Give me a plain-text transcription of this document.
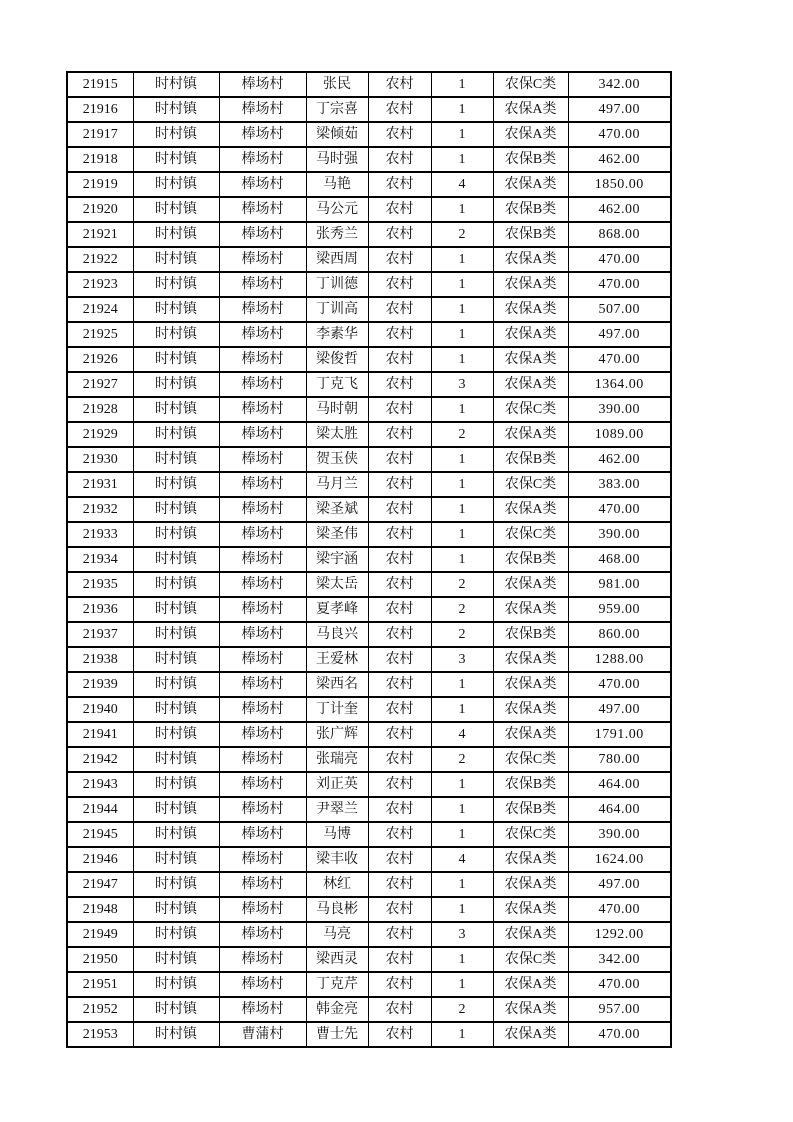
21915	时村镇	棒场村	张民	农村	1	农保C类	342.00
21916	时村镇	棒场村	丁宗喜	农村	1	农保A类	497.00
21917	时村镇	棒场村	梁倾茹	农村	1	农保A类	470.00
21918	时村镇	棒场村	马时强	农村	1	农保B类	462.00
21919	时村镇	棒场村	马艳	农村	4	农保A类	1850.00
21920	时村镇	棒场村	马公元	农村	1	农保B类	462.00
21921	时村镇	棒场村	张秀兰	农村	2	农保B类	868.00
21922	时村镇	棒场村	梁西周	农村	1	农保A类	470.00
21923	时村镇	棒场村	丁训德	农村	1	农保A类	470.00
21924	时村镇	棒场村	丁训高	农村	1	农保A类	507.00
21925	时村镇	棒场村	李素华	农村	1	农保A类	497.00
21926	时村镇	棒场村	梁俊哲	农村	1	农保A类	470.00
21927	时村镇	棒场村	丁克飞	农村	3	农保A类	1364.00
21928	时村镇	棒场村	马时朝	农村	1	农保C类	390.00
21929	时村镇	棒场村	梁太胜	农村	2	农保A类	1089.00
21930	时村镇	棒场村	贺玉侠	农村	1	农保B类	462.00
21931	时村镇	棒场村	马月兰	农村	1	农保C类	383.00
21932	时村镇	棒场村	梁圣斌	农村	1	农保A类	470.00
21933	时村镇	棒场村	梁圣伟	农村	1	农保C类	390.00
21934	时村镇	棒场村	梁宇涵	农村	1	农保B类	468.00
21935	时村镇	棒场村	梁太岳	农村	2	农保A类	981.00
21936	时村镇	棒场村	夏孝峰	农村	2	农保A类	959.00
21937	时村镇	棒场村	马良兴	农村	2	农保B类	860.00
21938	时村镇	棒场村	王爱林	农村	3	农保A类	1288.00
21939	时村镇	棒场村	梁西名	农村	1	农保A类	470.00
21940	时村镇	棒场村	丁计奎	农村	1	农保A类	497.00
21941	时村镇	棒场村	张广辉	农村	4	农保A类	1791.00
21942	时村镇	棒场村	张瑞亮	农村	2	农保C类	780.00
21943	时村镇	棒场村	刘正英	农村	1	农保B类	464.00
21944	时村镇	棒场村	尹翠兰	农村	1	农保B类	464.00
21945	时村镇	棒场村	马博	农村	1	农保C类	390.00
21946	时村镇	棒场村	梁丰收	农村	4	农保A类	1624.00
21947	时村镇	棒场村	林红	农村	1	农保A类	497.00
21948	时村镇	棒场村	马良彬	农村	1	农保A类	470.00
21949	时村镇	棒场村	马亮	农村	3	农保A类	1292.00
21950	时村镇	棒场村	梁西灵	农村	1	农保C类	342.00
21951	时村镇	棒场村	丁克芹	农村	1	农保A类	470.00
21952	时村镇	棒场村	韩金亮	农村	2	农保A类	957.00
21953	时村镇	曹蒲村	曹士先	农村	1	农保A类	470.00
